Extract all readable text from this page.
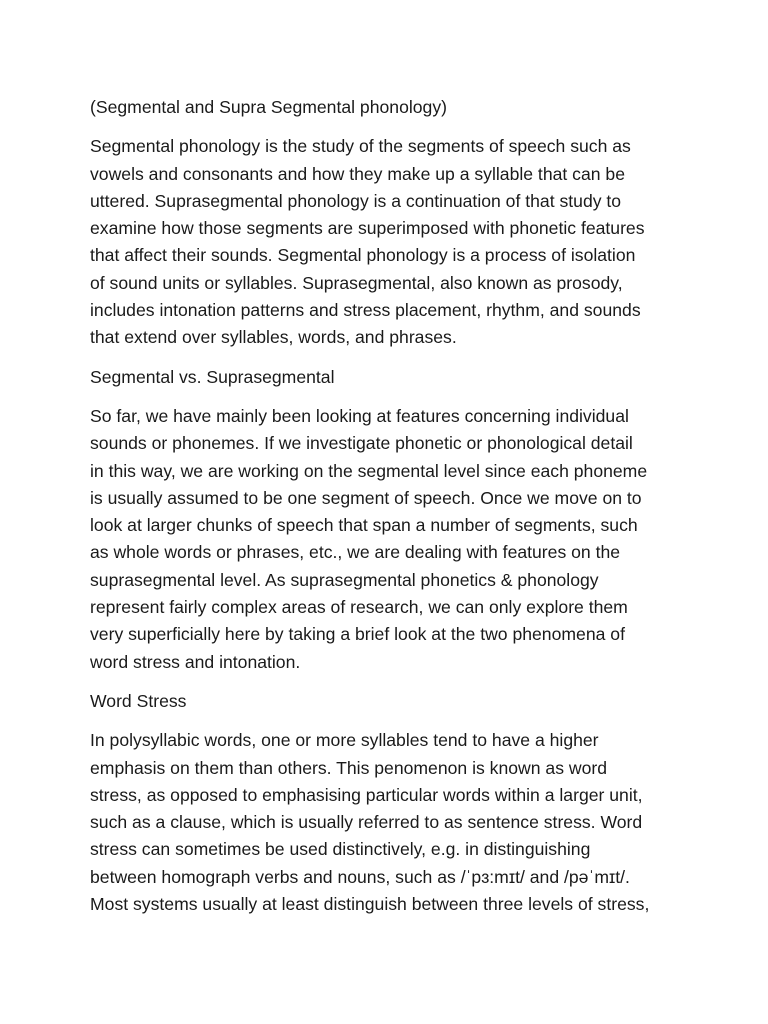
(Segmental and Supra Segmental phonology)

Segmental phonology is the study of the segments of speech such as
vowels and consonants and how they make up a syllable that can be
uttered. Suprasegmental phonology is a continuation of that study to
examine how those segments are superimposed with phonetic features
that affect their sounds. Segmental phonology is a process of isolation
of sound units or syllables. Suprasegmental, also known as prosody,
includes intonation patterns and stress placement, rhythm, and sounds
that extend over syllables, words, and phrases.

Segmental vs. Suprasegmental

So far, we have mainly been looking at features concerning individual
sounds or phonemes. If we investigate phonetic or phonological detail
in this way, we are working on the segmental level since each phoneme
is usually assumed to be one segment of speech. Once we move on to
look at larger chunks of speech that span a number of segments, such
as whole words or phrases, etc., we are dealing with features on the
suprasegmental level. As suprasegmental phonetics & phonology
represent fairly complex areas of research, we can only explore them
very superficially here by taking a brief look at the two phenomena of
word stress and intonation.

Word Stress

In polysyllabic words, one or more syllables tend to have a higher
emphasis on them than others. This penomenon is known as word
stress, as opposed to emphasising particular words within a larger unit,
such as a clause, which is usually referred to as sentence stress. Word
stress can sometimes be used distinctively, e.g. in distinguishing
between homograph verbs and nouns, such as /ˈpɜ:mɪt/ and /pəˈmɪt/.
Most systems usually at least distinguish between three levels of stress,
